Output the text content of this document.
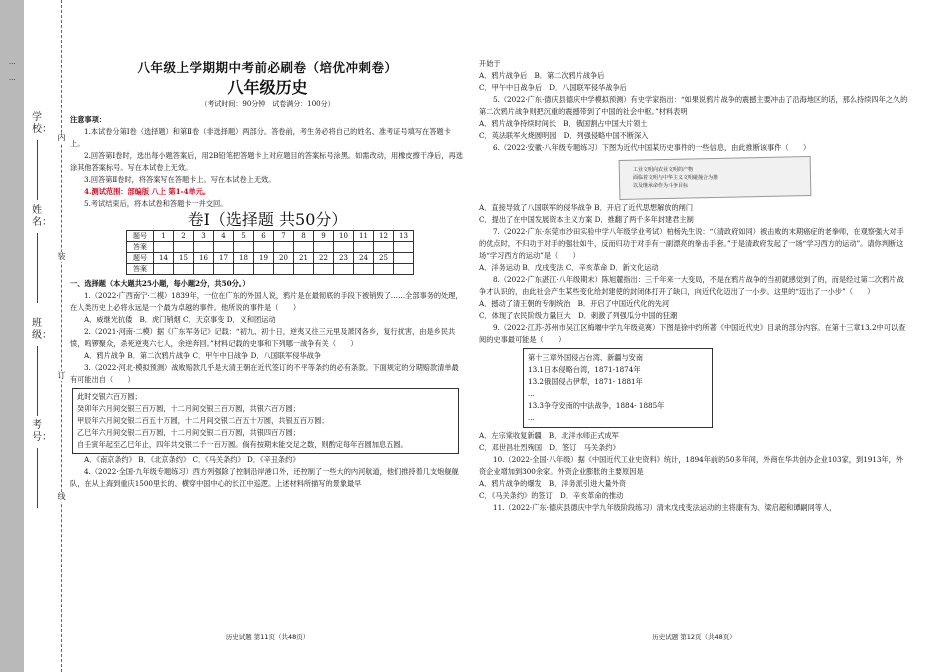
···

···
学校：
姓名：
班级：
考号：
内
装
订
线
八年级上学期期中考前必刷卷（培优冲刺卷）
八年级历史
（考试时间：90分钟　试卷满分：100分）
注意事项：
1.本试卷分第Ⅰ卷（选择题）和第Ⅱ卷（非选择题）两部分。答卷前，考生务必将自己的姓名、准考证号填写在答题卡上。
2.回答第Ⅰ卷时，选出每小题答案后，用2B铅笔把答题卡上对应题目的答案标号涂黑。如需改动，用橡皮擦干净后，再选涂其他答案标号。写在本试卷上无效。
3.回答第Ⅱ卷时，将答案写在答题卡上。写在本试卷上无效。
4.测试范围：部编版 八上 第1-4单元。
5.考试结束后，将本试卷和答题卡一并交回。
卷Ⅰ（选择题 共50分）
题号	1	2	3	4	5	6	7	8	9	10	11	12	13
答案													
题号	14	15	16	17	18	19	20	21	22	23	24	25	
答案													
一、选择题（本大题共25小题，每小题2分，共50分。）
1.（2022·广西南宁·二模）1839年，一位在广东的外国人说，鸦片是在最彻底的手段下被销毁了……全部事务的处理，在人类历史上必将永远是一个最为卓越的事件。他所说的事件是（　　）
A．威继光抗倭　B．虎门销烟 C．天京事变 D．义和团运动
2.（2021·河南·二模）据《广东军务记》记载：“初九、初十日，逆夷又往三元里及萧冈各乡，复行扰害，由是乡民共愤，鸣锣聚众，杀死逆夷六七人，余逆奔回。”材料记载的史事和下列哪一战争有关（　　）
A．鸦片战争 B．第二次鸦片战争 C．甲午中日战争 D．八国联军侵华战争
3.（2022·河北·模拟预测）战败赔款几乎是大清王朝在近代签订的不平等条约的必有条款。下面规定的分期赔款清单最有可能出自（　　）
此时交银六百万圆；
癸卯年六月间交银三百万圆，十二月间交银三百万圆，共银六百万圆；
甲辰年六月间交银二百五十万圆，十二月间交银二百五十万圆，共银五百万圆；
乙巳年六月间交银二百万圆，十二月间交银二百万圆，共银四百万圆；
自壬寅年起至乙巳年止，四年共交银二千一百万圆。倘有按期未能交足之数，则酌定每年百圆加息五圆。
A．《南京条约》 B．《北京条约》 C．《马关条约》 D．《辛丑条约》
4.（2022·全国·九年级专题练习）西方列强除了控制沿岸港口外，还控制了一些大的内河航道，他们推持着几支炮舰舰队，在从上海到重庆1500里长的、横穿中国中心的长江中巡逻。上述材料所描写的景象最早
历史试题 第11页（共48页）
开始于
A．鸦片战争后　B．第二次鸦片战争后
C．甲午中日战争后　D．八国联军侵华战争后
5.（2022·广东·德庆县德庆中学模拟预测）有史学家指出：“如果说鸦片战争的震撼主要冲击了沿海地区的话，那么持续四年之久的第二次鸦片战争则把沉重的震撼带到了中国的社会中枢。”材料表明
A．鸦片战争持续时间长　B．俄国割占中国大片领土
C．英法联军火烧圆明园　D．列强侵略中国不断深入
6.（2022·安徽·八年级专题练习）下图为近代中国某历史事件的一些信息，由此推断该事件（　　）
工业文明向农业文明的产物
面临着文明与中华主义文明碰撞合为推
以及继承命作为斗争目标
A．直接导致了八国联军的侵华战争 B．开启了近代思想解放的闸门
C．提出了在中国发展资本主义方案 D．推翻了两千多年封建君主制
7.（2022·广东·东莞市沙田实验中学八年级学业考试）柏杨先生说：“（清政府如同）被击败的末期癌症的老拳师，在观察强大对手的优点时，不归功于对手的强壮如牛，反而归功于对手有一副漂亮的拳击手套。”于是清政府发起了一场“学习西方的运动”。请你判断这场“学习西方的运动”是（　　）
A．洋务运动 B．戊戌变法 C．辛亥革命 D．新文化运动
8.（2022·广东湛江·八年级期末）陈旭麓指出：三千年来一大变局，不是在鸦片战争的当初就感觉到了的，而是经过第二次鸦片战争才认识的，由此社会产生某些变化给封建使的封闭体打开了缺口，向近代化迈出了一小步。这里的“迈出了一小步”（　　）
A．撼动了清王朝的专制统治　B．开启了中国近代化的先河
C．体现了农民阶级力量巨大　D．刺激了列强瓜分中国的狂潮
9.（2022·江苏·苏州市吴江区梅堰中学九年级竞赛）下图是徐中约所著《中国近代史》目录的部分内容。在第十三章13.2中可以查阅的史事最可能是（　　）
第十三章外国侵占台湾、新疆与安南
13.1日本侵略台湾，1871-1874年
13.2俄国侵占伊犁，1871- 1881年
...
13.3争夺安南的中法战争，1884- 1885年
...
A．左宗棠收复新疆　B．北洋水师正式成军
C．邓世昌壮烈殉国　D．签订　马关条约》
10.（2022·全国·八年级）据《中国近代工业史资料》统计，1894年前的50多年间，外商在华共创办企业103家，到1913年，外资企业增加到300余家。外资企业膨胀的主要原因是
A．鸦片战争的爆发　B．洋务派引进大量外资
C．《马关条约》的签订　D．辛亥革命的推动
11.（2022·广东·德庆县德庆中学九年级阶段练习）清末戊戌变法运动的主将康有为、梁启超和谭嗣同等人，
历史试题 第12页（共48页）
